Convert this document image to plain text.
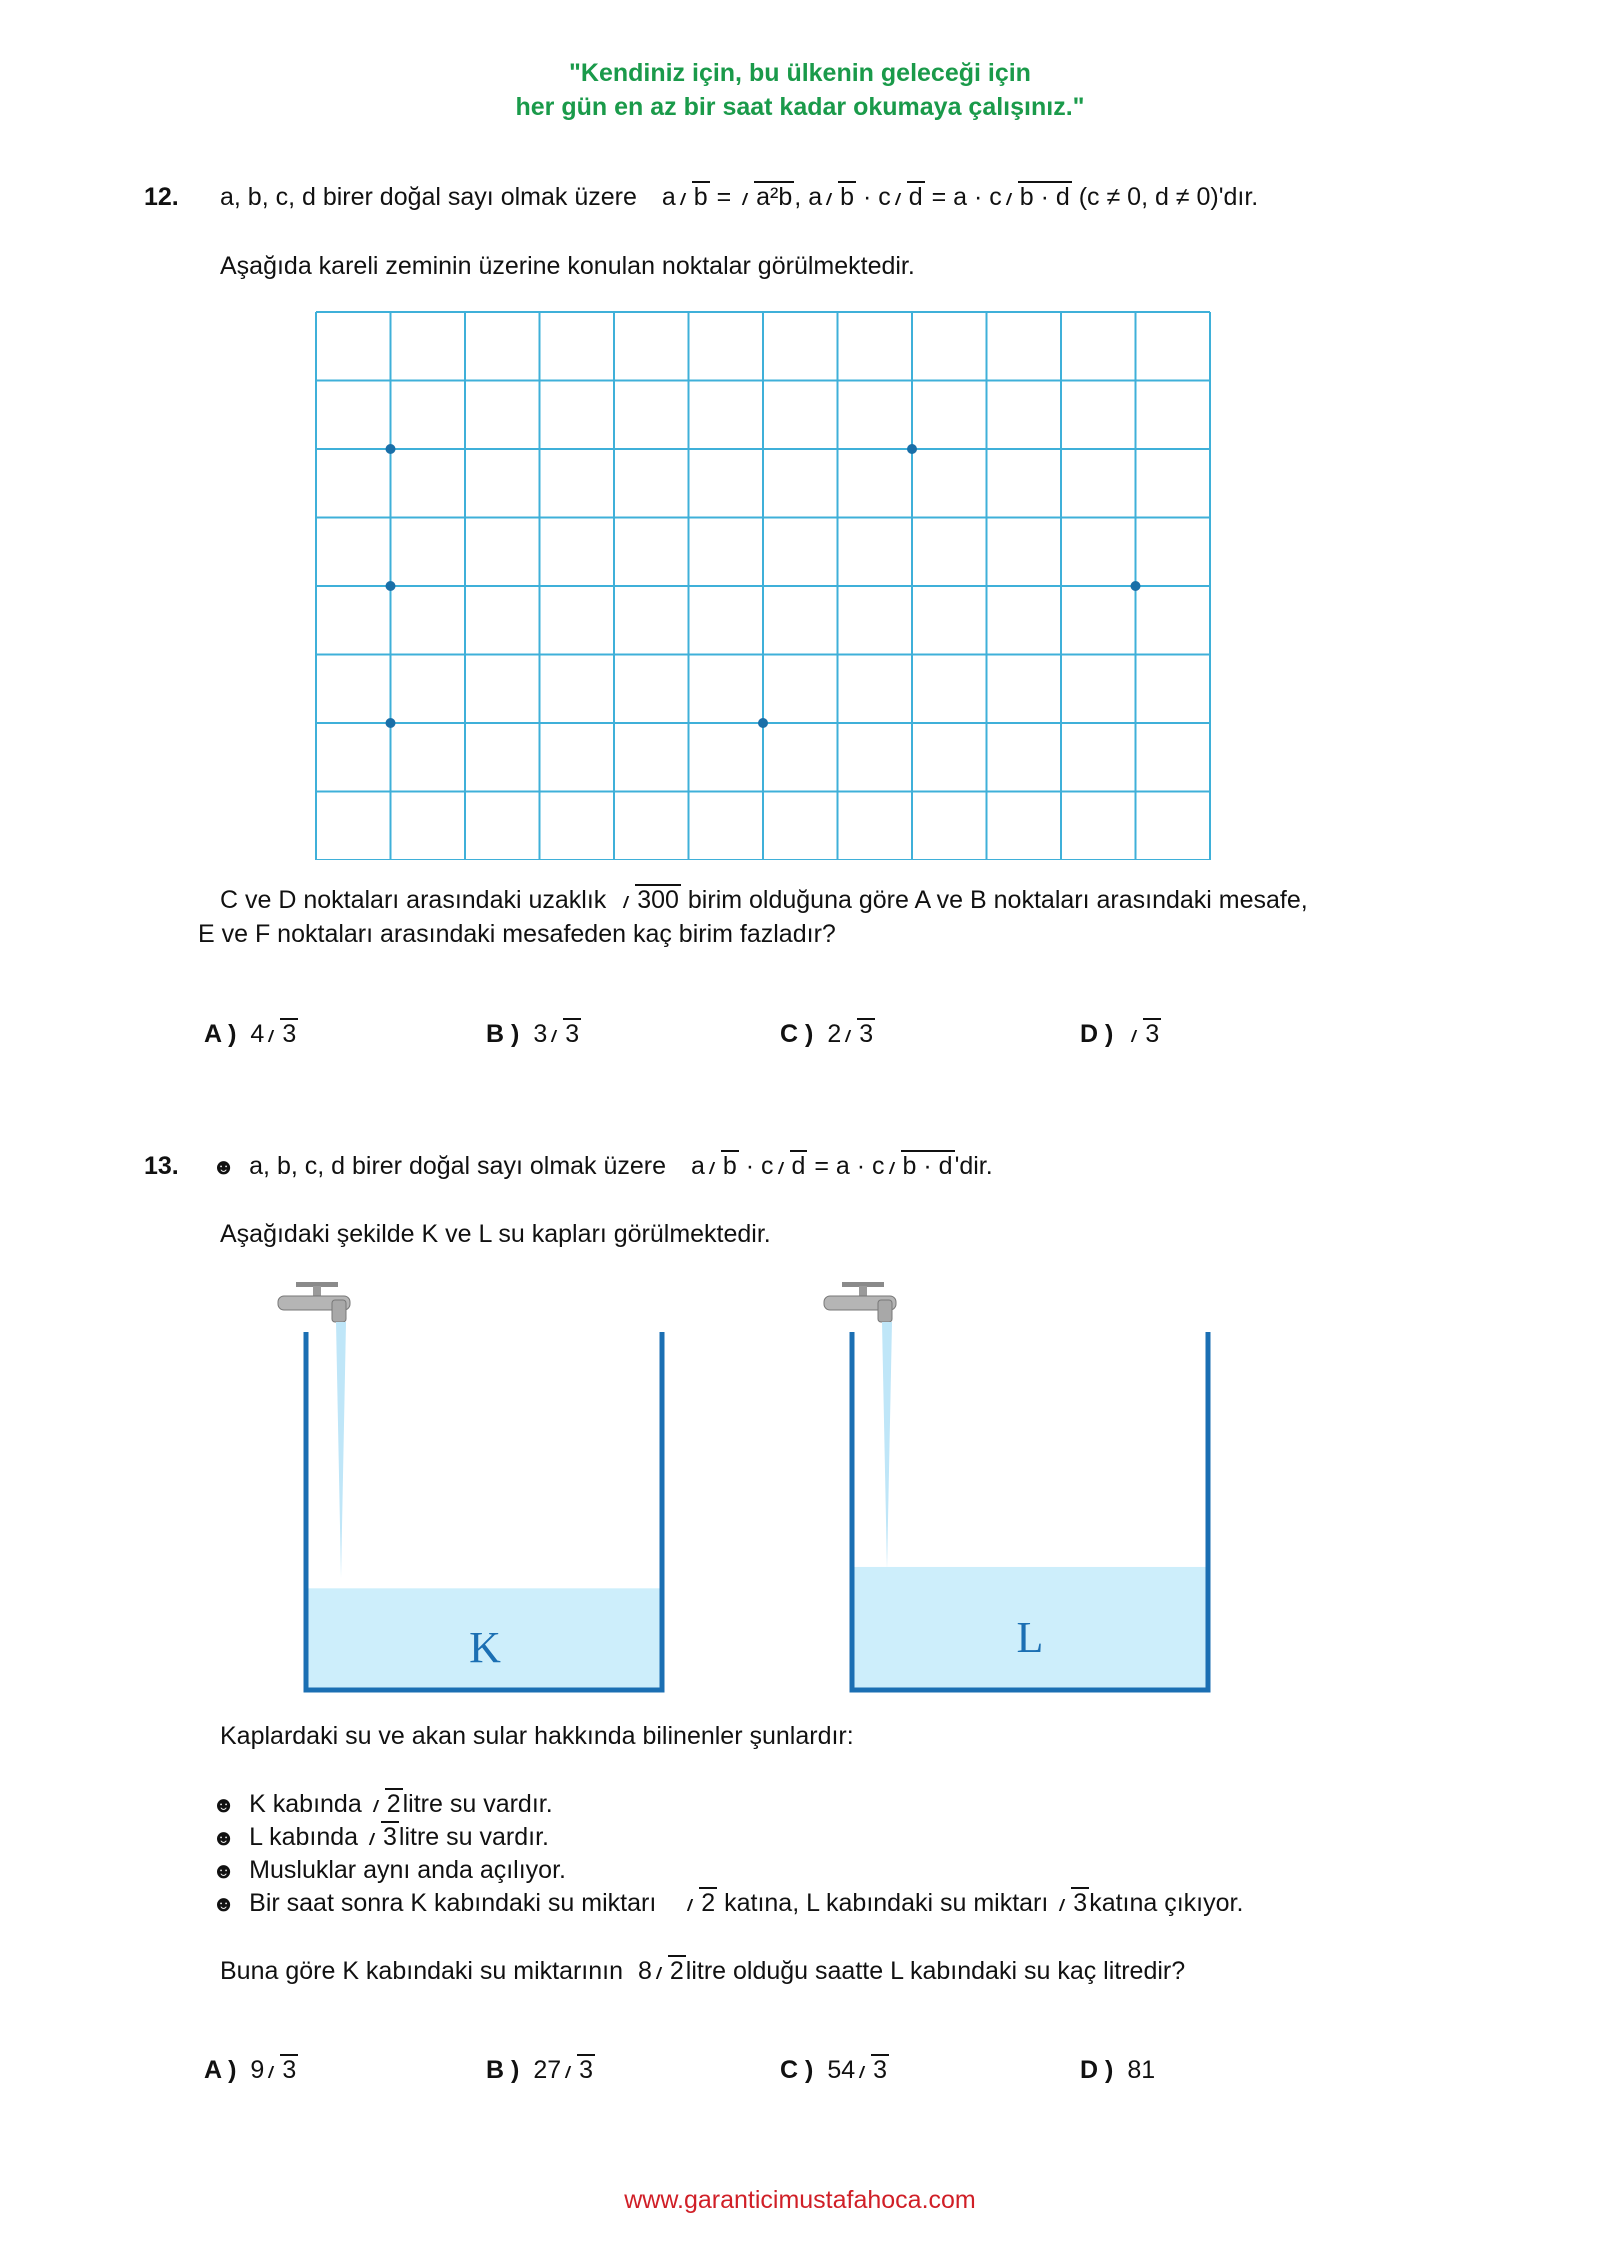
"Kendiniz için, bu ülkenin geleceği için
her gün en az bir saat kadar okumaya çalışınız."
12. a, b, c, d birer doğal sayı olmak üzere a b = a²b, a b · c d = a · c b · d (c ≠ 0, d ≠ 0)'dır.
Aşağıda kareli zeminin üzerine konulan noktalar görülmektedir.
C ve D noktaları arasındaki uzaklık 300 birim olduğuna göre A ve B noktaları arasındaki mesafe,
E ve F noktaları arasındaki mesafeden kaç birim fazladır?
A ) 4 3	B ) 3 3	C ) 2 3	D ) 3
13. ☻ a, b, c, d birer doğal sayı olmak üzere a b · c d = a · c b · d'dir.
Aşağıdaki şekilde K ve L su kapları görülmektedir.
K	L
Kaplardaki su ve akan sular hakkında bilinenler şunlardır:
☻ K kabında 2litre su vardır.
☻ L kabında 3litre su vardır.
☻ Musluklar aynı anda açılıyor.
☻ Bir saat sonra K kabındaki su miktarı 2 katına, L kabındaki su miktarı 3katına çıkıyor.
Buna göre K kabındaki su miktarının 8 2litre olduğu saatte L kabındaki su kaç litredir?
A ) 9 3	B ) 27 3	C ) 54 3	D ) 81
www.garanticimustafahoca.com
